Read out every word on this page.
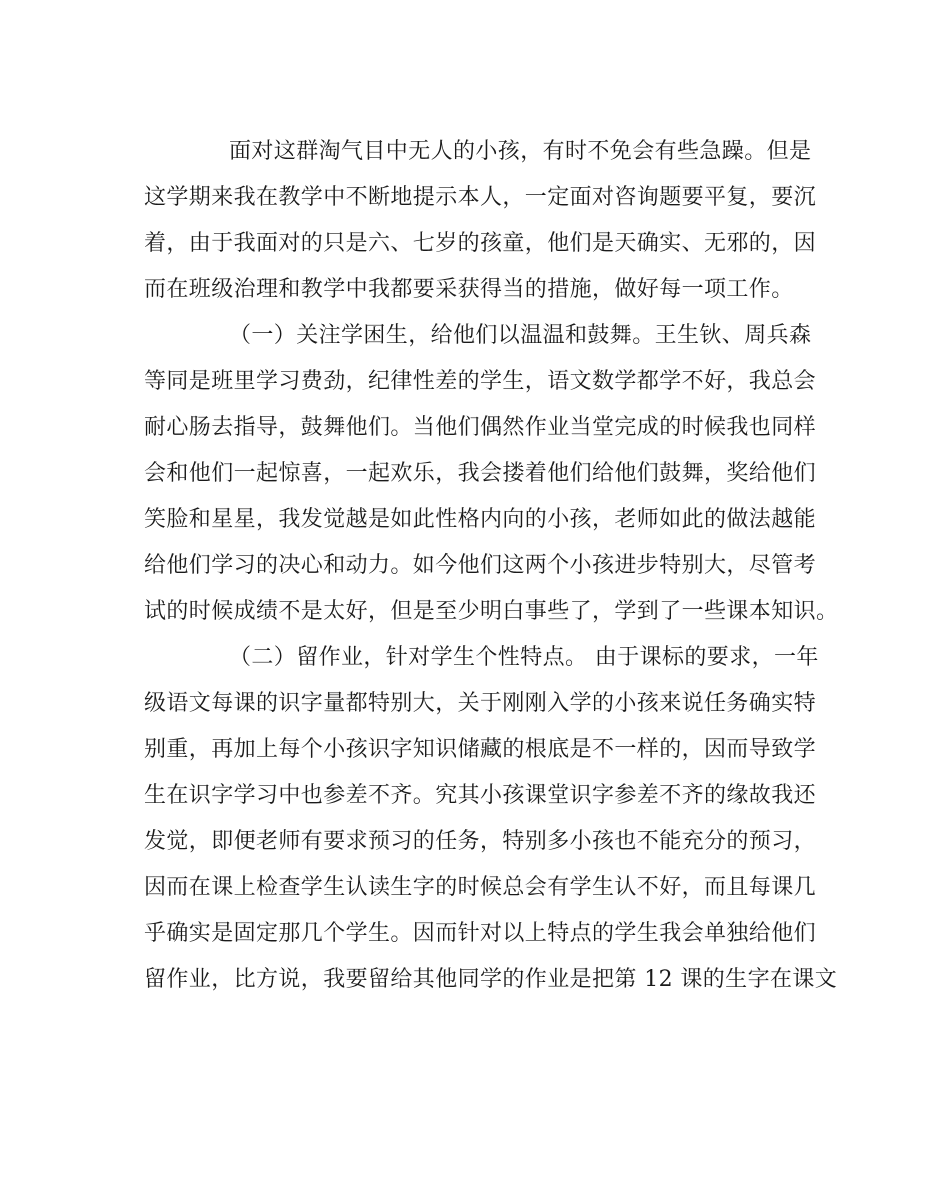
面对这群淘气目中无人的小孩，有时不免会有些急躁。但是
这学期来我在教学中不断地提示本人，一定面对咨询题要平复，要沉
着，由于我面对的只是六、七岁的孩童，他们是天确实、无邪的，因
而在班级治理和教学中我都要采获得当的措施，做好每一项工作。
（一）关注学困生，给他们以温温和鼓舞。王生钬、周兵森
等同是班里学习费劲，纪律性差的学生，语文数学都学不好，我总会
耐心肠去指导，鼓舞他们。当他们偶然作业当堂完成的时候我也同样
会和他们一起惊喜，一起欢乐，我会搂着他们给他们鼓舞，奖给他们
笑脸和星星，我发觉越是如此性格内向的小孩，老师如此的做法越能
给他们学习的决心和动力。如今他们这两个小孩进步特别大，尽管考
试的时候成绩不是太好，但是至少明白事些了，学到了一些课本知识。
（二）留作业，针对学生个性特点。 由于课标的要求，一年
级语文每课的识字量都特别大，关于刚刚入学的小孩来说任务确实特
别重，再加上每个小孩识字知识储藏的根底是不一样的，因而导致学
生在识字学习中也参差不齐。究其小孩课堂识字参差不齐的缘故我还
发觉，即便老师有要求预习的任务，特别多小孩也不能充分的预习，
因而在课上检查学生认读生字的时候总会有学生认不好，而且每课几
乎确实是固定那几个学生。因而针对以上特点的学生我会单独给他们
留作业，比方说，我要留给其他同学的作业是把第 12 课的生字在课文
